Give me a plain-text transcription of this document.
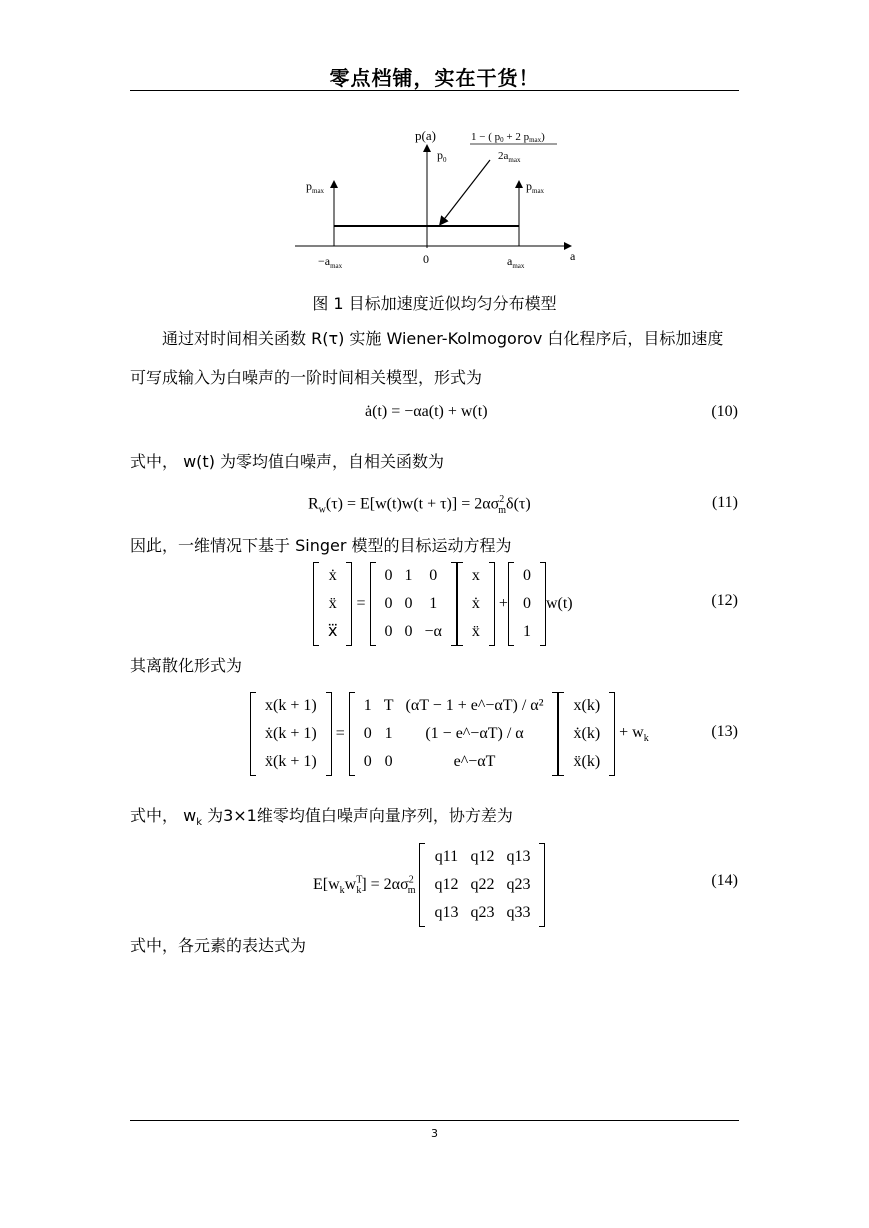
零点档铺，实在干货！
p(a)
$p_0$
$p_{max}$	$p_{max}$
1 − ( p0 + 2 pmax)
$2a_{max}$
$-a_{max}$	0	$a_{max}$
a
图 1 目标加速度近似均匀分布模型
通过对时间相关函数 R(τ) 实施 Wiener-Kolmogorov 白化程序后，目标加速度
可写成输入为白噪声的一阶时间相关模型，形式为
ȧ(t) = −αa(t) + w(t)	(10)
式中， w(t) 为零均值白噪声，自相关函数为
$R_w(\tau) = E[w(t)w(t + \tau)] = 2\alpha\sigma^2_m\delta(\tau)$	(11)
因此，一维情况下基于 Singer 模型的目标运动方程为
ẋ
ẍ
x⃛
=
0	1	0
0	0	1
0	0	−α
x
ẋ
ẍ
+
0
0
1
w(t)	(12)
其离散化形式为
x(k + 1)
ẋ(k + 1)
ẍ(k + 1)
=
1	T	(αT − 1 + e^−αT) / α²
0	1	(1 − e^−αT) / α
0	0	e^−αT
x(k)
ẋ(k)
ẍ(k)
+ $w_k$	(13)
式中， $w_k$ 为3×1维零均值白噪声向量序列，协方差为
$E[w_kw^T_k] = 2\alpha\sigma^2_m$
q11	q12	q13
q12	q22	q23
q13	q23	q33
(14)
式中，各元素的表达式为
3
